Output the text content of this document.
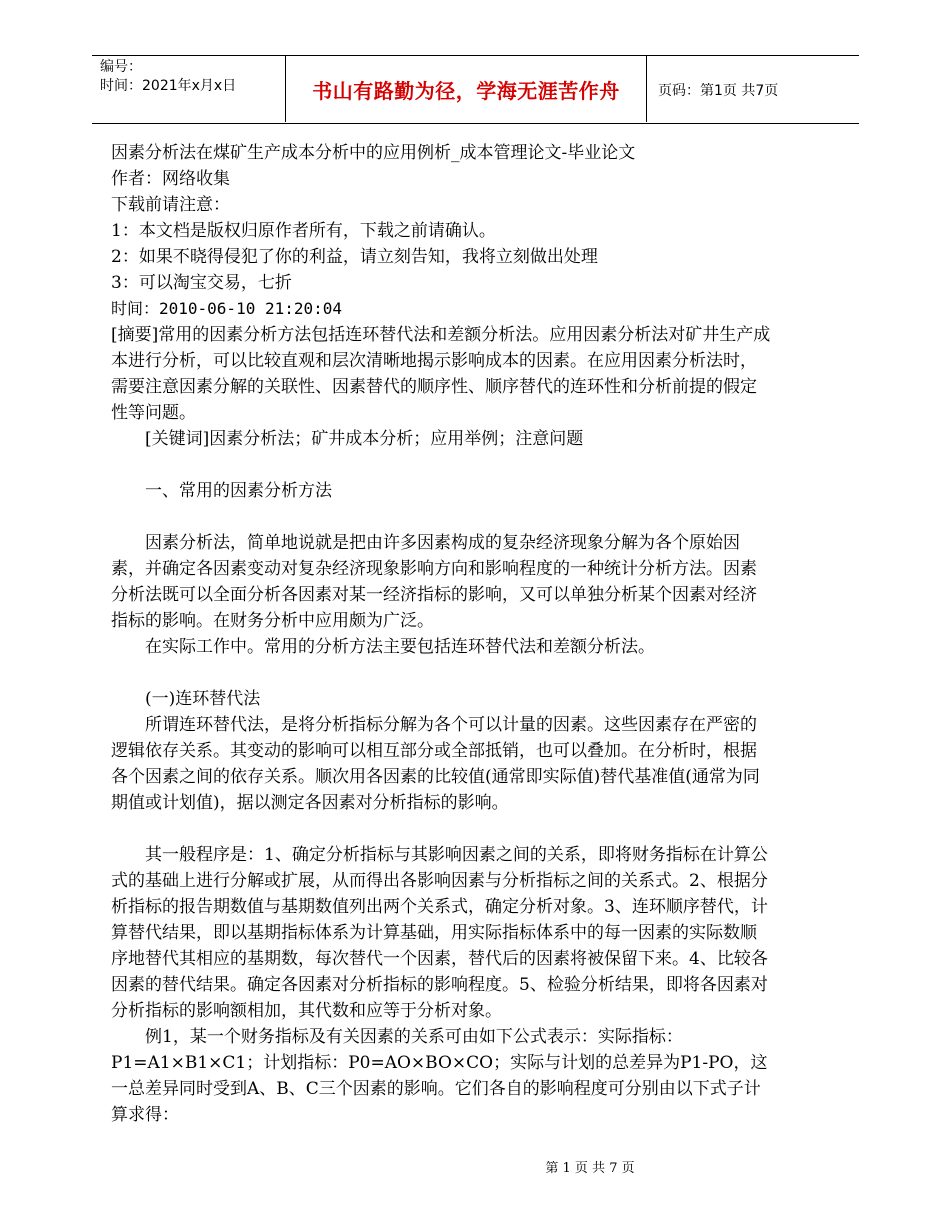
编号：
时间：2021年x月x日	书山有路勤为径，学海无涯苦作舟	页码：第1页 共7页

因素分析法在煤矿生产成本分析中的应用例析_成本管理论文-毕业论文

作者：网络收集

下载前请注意：

1：本文档是版权归原作者所有，下载之前请确认。

2：如果不晓得侵犯了你的利益，请立刻告知，我将立刻做出处理

3：可以淘宝交易，七折

时间：2010-06-10 21:20:04

[摘要]常用的因素分析方法包括连环替代法和差额分析法。应用因素分析法对矿井生产成本进行分析，可以比较直观和层次清晰地揭示影响成本的因素。在应用因素分析法时，需要注意因素分解的关联性、因素替代的顺序性、顺序替代的连环性和分析前提的假定性等问题。

[关键词]因素分析法；矿井成本分析；应用举例；注意问题

一、常用的因素分析方法

因素分析法，简单地说就是把由许多因素构成的复杂经济现象分解为各个原始因素，并确定各因素变动对复杂经济现象影响方向和影响程度的一种统计分析方法。因素分析法既可以全面分析各因素对某一经济指标的影响，又可以单独分析某个因素对经济指标的影响。在财务分析中应用颇为广泛。

在实际工作中。常用的分析方法主要包括连环替代法和差额分析法。

(一)连环替代法

所谓连环替代法，是将分析指标分解为各个可以计量的因素。这些因素存在严密的逻辑依存关系。其变动的影响可以相互部分或全部抵销，也可以叠加。在分析时，根据各个因素之间的依存关系。顺次用各因素的比较值(通常即实际值)替代基准值(通常为同期值或计划值)，据以测定各因素对分析指标的影响。

其一般程序是：1、确定分析指标与其影响因素之间的关系，即将财务指标在计算公式的基础上进行分解或扩展，从而得出各影响因素与分析指标之间的关系式。2、根据分析指标的报告期数值与基期数值列出两个关系式，确定分析对象。3、连环顺序替代，计算替代结果，即以基期指标体系为计算基础，用实际指标体系中的每一因素的实际数顺序地替代其相应的基期数，每次替代一个因素，替代后的因素将被保留下来。4、比较各因素的替代结果。确定各因素对分析指标的影响程度。5、检验分析结果，即将各因素对分析指标的影响额相加，其代数和应等于分析对象。

例1，某一个财务指标及有关因素的关系可由如下公式表示：实际指标：P1=A1×B1×C1；计划指标：P0=AO×BO×CO；实际与计划的总差异为P1-PO，这一总差异同时受到A、B、C三个因素的影响。它们各自的影响程度可分别由以下式子计算求得：

第 1 页 共 7 页
